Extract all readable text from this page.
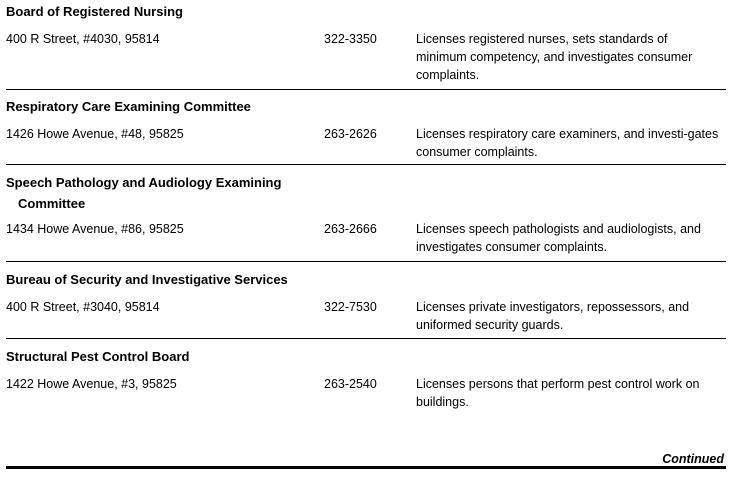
Board of Registered Nursing
400 R Street, #4030, 95814	322-3350	Licenses registered nurses, sets standards of minimum competency, and investigates consumer complaints.
Respiratory Care Examining Committee
1426 Howe Avenue, #48, 95825	263-2626	Licenses respiratory care examiners, and investi-gates consumer complaints.
Speech Pathology and Audiology Examining
Committee
1434 Howe Avenue, #86, 95825	263-2666	Licenses speech pathologists and audiologists, and investigates consumer complaints.
Bureau of Security and Investigative Services
400 R Street, #3040, 95814	322-7530	Licenses private investigators, repossessors, and uniformed security guards.
Structural Pest Control Board
1422 Howe Avenue, #3, 95825	263-2540	Licenses persons that perform pest control work on buildings.
Continued
